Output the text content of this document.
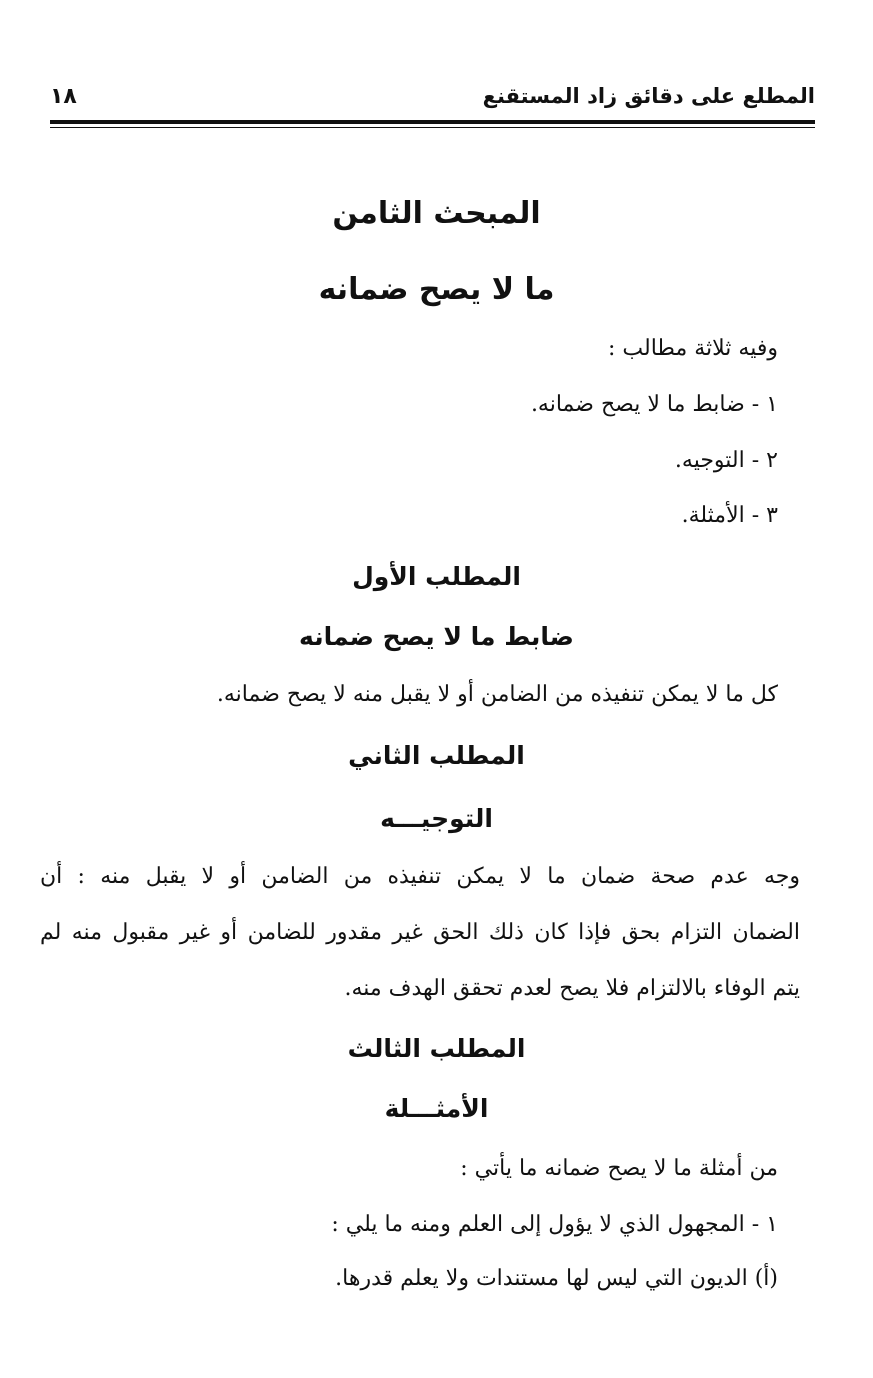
المطلع على دقائق زاد المستقنع
١٨
المبحث الثامن
ما لا يصح ضمانه
وفيه ثلاثة مطالب :
١ - ضابط ما لا يصح ضمانه.
٢ - التوجيه.
٣ - الأمثلة.
المطلب الأول
ضابط ما لا يصح ضمانه
كل ما لا يمكن تنفيذه من الضامن أو لا يقبل منه لا يصح ضمانه.
المطلب الثاني
التوجيـــه
وجه عدم صحة ضمان ما لا يمكن تنفيذه من الضامن أو لا يقبل منه : أن
الضمان التزام بحق فإذا كان ذلك الحق غير مقدور للضامن أو غير مقبول منه لم
يتم الوفاء بالالتزام فلا يصح لعدم تحقق الهدف منه.
المطلب الثالث
الأمثـــلة
من أمثلة ما لا يصح ضمانه ما يأتي :
١ - المجهول الذي لا يؤول إلى العلم ومنه ما يلي :
(أ) الديون التي ليس لها مستندات ولا يعلم قدرها.
